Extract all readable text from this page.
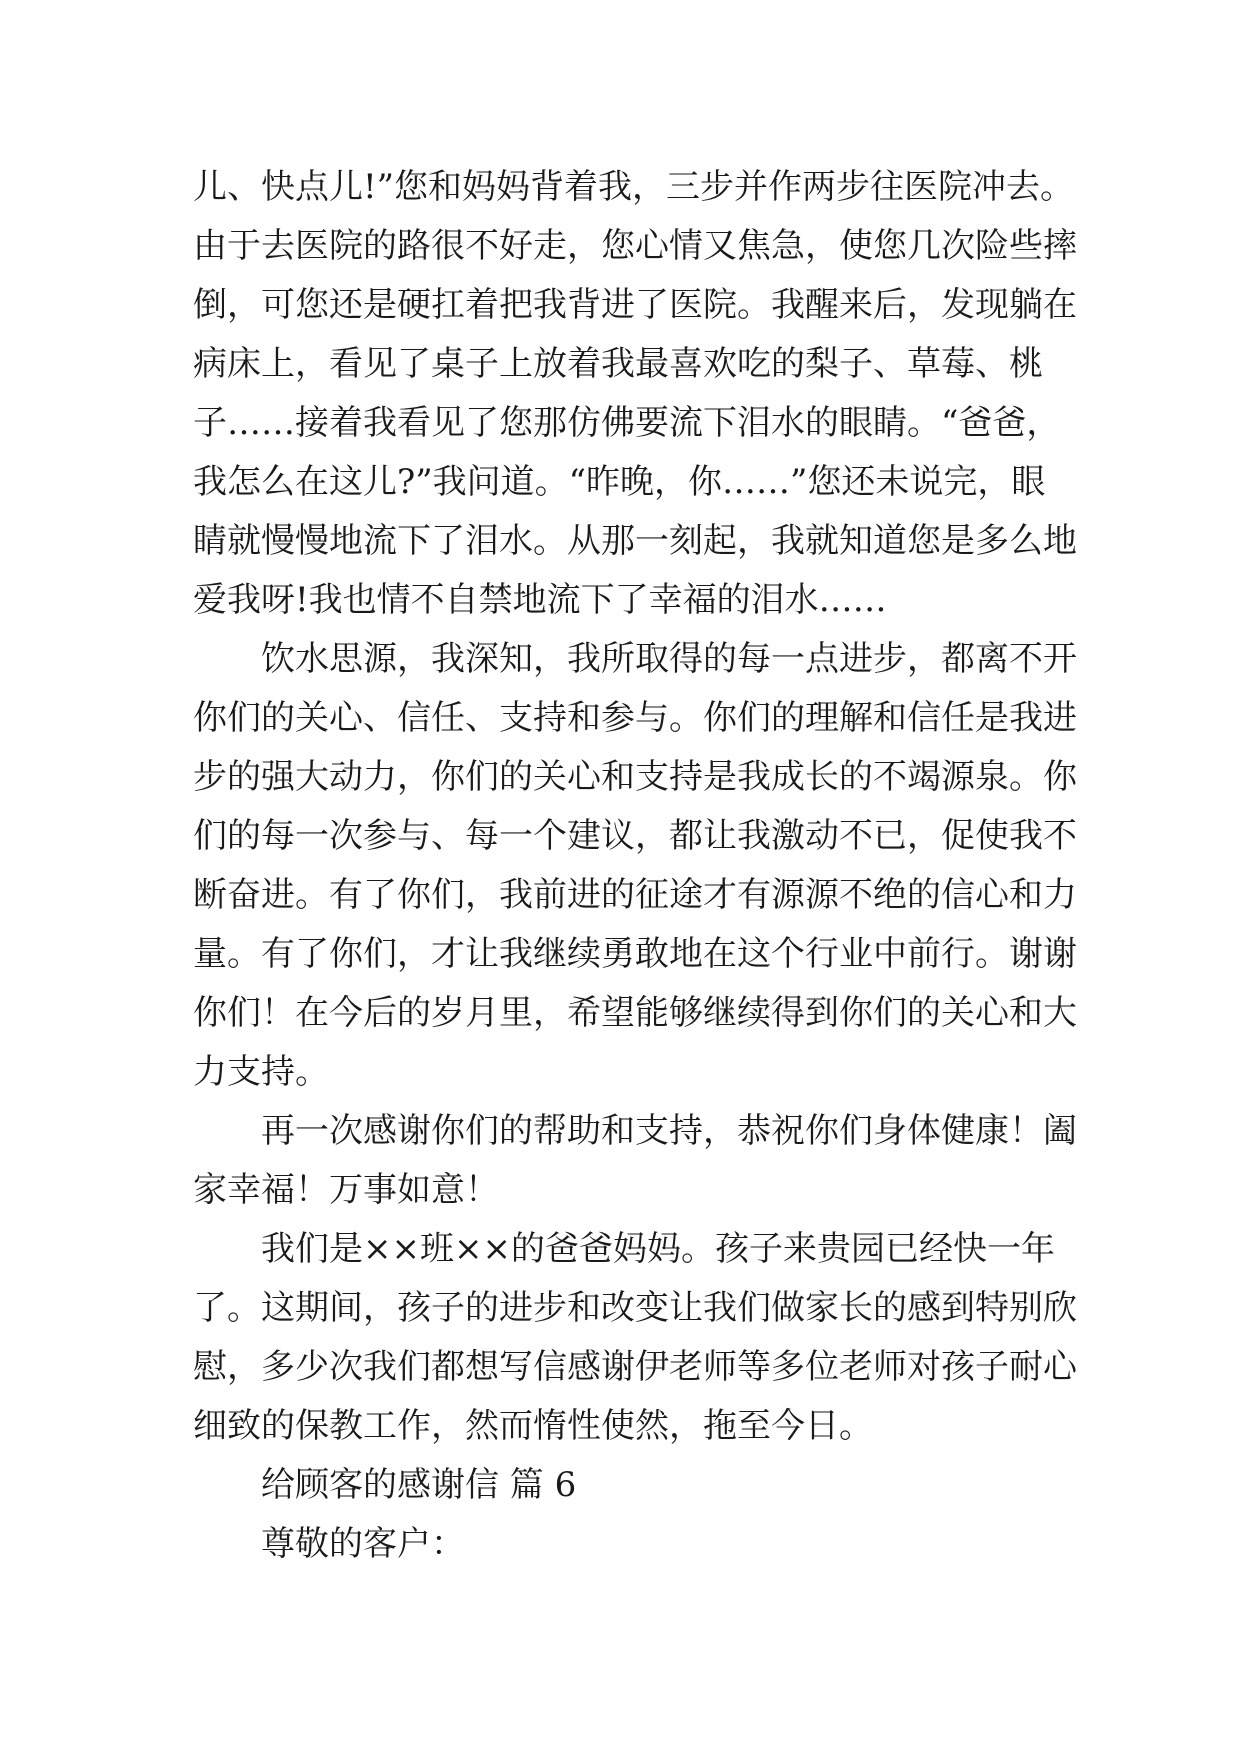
儿、快点儿!”您和妈妈背着我，三步并作两步往医院冲去。
由于去医院的路很不好走，您心情又焦急，使您几次险些摔
倒，可您还是硬扛着把我背进了医院。我醒来后，发现躺在
病床上，看见了桌子上放着我最喜欢吃的梨子、草莓、桃
子……接着我看见了您那仿佛要流下泪水的眼睛。“爸爸，
我怎么在这儿?”我问道。“昨晚，你……”您还未说完，眼
睛就慢慢地流下了泪水。从那一刻起，我就知道您是多么地
爱我呀!我也情不自禁地流下了幸福的泪水……
饮水思源，我深知，我所取得的每一点进步，都离不开
你们的关心、信任、支持和参与。你们的理解和信任是我进
步的强大动力，你们的关心和支持是我成长的不竭源泉。你
们的每一次参与、每一个建议，都让我激动不已，促使我不
断奋进。有了你们，我前进的征途才有源源不绝的信心和力
量。有了你们，才让我继续勇敢地在这个行业中前行。谢谢
你们！在今后的岁月里，希望能够继续得到你们的关心和大
力支持。
再一次感谢你们的帮助和支持，恭祝你们身体健康！阖
家幸福！万事如意！
我们是××班××的爸爸妈妈。孩子来贵园已经快一年
了。这期间，孩子的进步和改变让我们做家长的感到特别欣
慰，多少次我们都想写信感谢伊老师等多位老师对孩子耐心
细致的保教工作，然而惰性使然，拖至今日。
给顾客的感谢信 篇 6
尊敬的客户：
